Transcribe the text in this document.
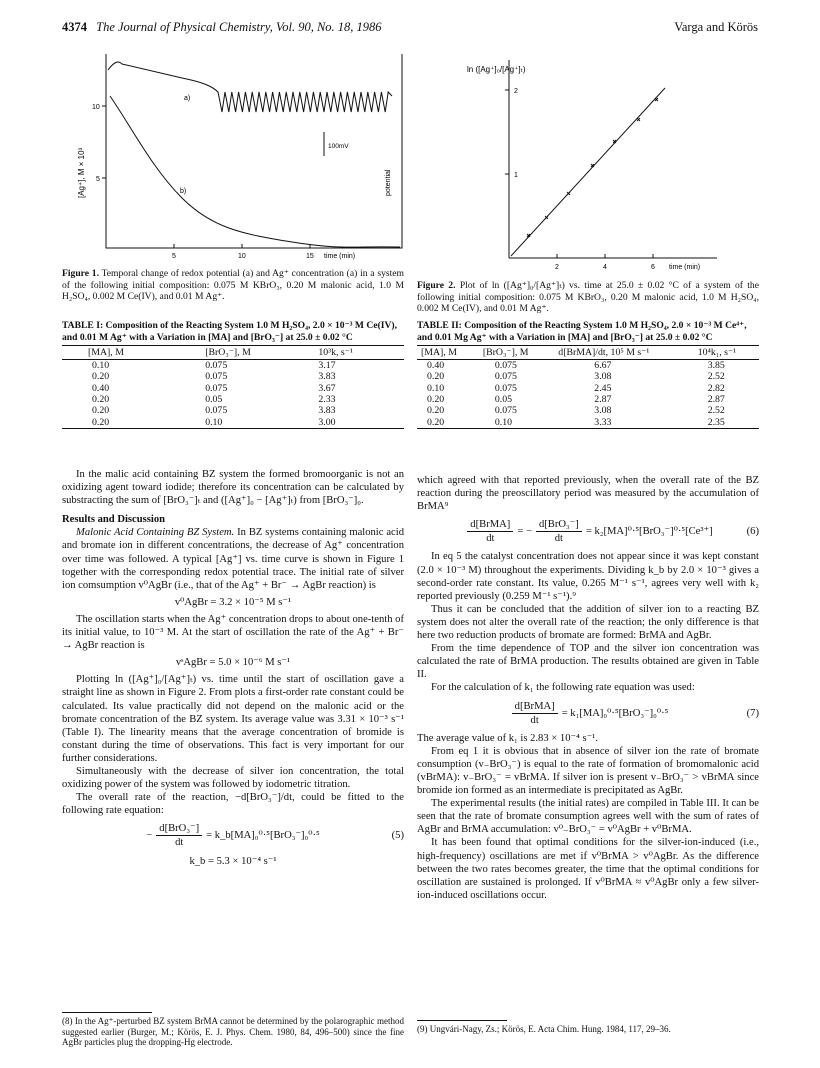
4374 The Journal of Physical Chemistry, Vol. 90, No. 18, 1986	Varga and Körös
10
5
[Ag⁺], M × 10³
5	10	15 time (min)
a)
b)
100mV
potential
Figure 1. Temporal change of redox potential (a) and Ag⁺ concentration (a) in a system of the following initial composition: 0.075 M KBrO₃, 0.20 M malonic acid, 1.0 M H₂SO₄, 0.002 M Ce(IV), and 0.01 M Ag⁺.
TABLE I: Composition of the Reacting System 1.0 M H₂SO₄, 2.0 × 10⁻³ M Ce(IV), and 0.01 M Ag⁺ with a Variation in [MA] and [BrO₃⁻] at 25.0 ± 0.02 °C
[MA], M	[BrO₃⁻], M	10³k, s⁻¹
0.10	0.075	3.17
0.20	0.075	3.83
0.40	0.075	3.67
0.20	0.05	2.33
0.20	0.075	3.83
0.20	0.10	3.00

In the malic acid containing BZ system the formed bromoorganic is not an oxidizing agent toward iodide; therefore its concentration can be calculated by substracting the sum of [BrO₃⁻]ₜ and ([Ag⁺]₀ − [Ag⁺]ₜ) from [BrO₃⁻]₀.

Results and Discussion

Malonic Acid Containing BZ System. In BZ systems containing malonic acid and bromate ion in different concentrations, the decrease of Ag⁺ concentration over time was followed. A typical [Ag⁺] vs. time curve is shown in Figure 1 together with the corresponding redox potential trace. The initial rate of silver ion comsumption v⁰AgBr (i.e., that of the Ag⁺ + Br⁻ → AgBr reaction) is

v⁰AgBr = 3.2 × 10⁻⁵ M s⁻¹

The oscillation starts when the Ag⁺ concentration drops to about one-tenth of its initial value, to 10⁻³ M. At the start of oscillation the rate of the Ag⁺ + Br⁻ → AgBr reaction is

vˢAgBr = 5.0 × 10⁻⁶ M s⁻¹

Plotting ln ([Ag⁺]₀/[Ag⁺]ₜ) vs. time until the start of oscillation gave a straight line as shown in Figure 2. From plots a first-order rate constant could be calculated. Its value practically did not depend on the malonic acid or the bromate concentration of the BZ system. Its average value was 3.31 × 10⁻³ s⁻¹ (Table I). The linearity means that the average concentration of bromide is constant during the time of observations. This fact is very important for our further considerations.

Simultaneously with the decrease of silver ion concentration, the total oxidizing power of the system was followed by iodometric titration.

The overall rate of the reaction, −d[BrO₃⁻]/dt, could be fitted to the following rate equation:

− $\frac{\text{d[BrO₃⁻]}}{dt}$ = k_b[MA]₀⁰·⁵[BrO₃⁻]₀⁰·⁵	(5)

k_b = 5.3 × 10⁻⁴ s⁻¹

(8) In the Ag⁺-perturbed BZ system BrMA cannot be determined by the polarographic method suggested earlier (Burger, M.; Körös, E. J. Phys. Chem. 1980, 84, 496–500) since the fine AgBr particles plug the dropping-Hg electrode.
ln ([Ag⁺]₀/[Ag⁺]ₜ)
2
1
2	4	6 time (min)
Figure 2. Plot of ln ([Ag⁺]₀/[Ag⁺]ₜ) vs. time at 25.0 ± 0.02 °C of a system of the following initial composition: 0.075 M KBrO₃, 0.20 M malonic acid, 1.0 M H₂SO₄, 0.002 M Ce(IV), and 0.01 M Ag⁺.
TABLE II: Composition of the Reacting System 1.0 M H₂SO₄, 2.0 × 10⁻³ M Ce⁴⁺, and 0.01 Mg Ag⁺ with a Variation in [MA] and [BrO₃⁻] at 25.0 ± 0.02 °C
[MA], M	[BrO₃⁻], M	d[BrMA]/dt, 10⁵ M s⁻¹	10⁴k₁, s⁻¹
0.40	0.075	6.67	3.85
0.20	0.075	3.08	2.52
0.10	0.075	2.45	2.82
0.20	0.05	2.87	2.87
0.20	0.075	3.08	2.52
0.20	0.10	3.33	2.35

which agreed with that reported previously, when the overall rate of the BZ reaction during the preoscillatory period was measured by the accumulation of BrMA⁹

$\frac{\text{d[BrMA]}}{dt}$ = − $\frac{\text{d[BrO₃⁻]}}{dt} = k_2[MA]^0\cdot^5[BrO_3^-]^0\cdot^5[Ce^{3+}]$	(6)

In eq 5 the catalyst concentration does not appear since it was kept constant (2.0 × 10⁻³ M) throughout the experiments. Dividing k_b by 2.0 × 10⁻³ gives a second-order rate constant. Its value, 0.265 M⁻¹ s⁻¹, agrees very well with k₂ reported previously (0.259 M⁻¹ s⁻¹).⁹

Thus it can be concluded that the addition of silver ion to a reacting BZ system does not alter the overall rate of the reaction; the only difference is that here two reduction products of bromate are formed: BrMA and AgBr.

From the time dependence of TOP and the silver ion concentration was calculated the rate of BrMA production. The results obtained are given in Table II.

For the calculation of k₁ the following rate equation was used:

$\frac{\text{d[BrMA]}}{dt} = k_1[MA]_0^0\cdot^5[BrO_3^-]_0^0\cdot^5$	(7)

The average value of k₁ is 2.83 × 10⁻⁴ s⁻¹.

From eq 1 it is obvious that in absence of silver ion the rate of bromate consumption (v₋BrO₃⁻) is equal to the rate of formation of bromomalonic acid (vBrMA): v₋BrO₃⁻ = vBrMA. If silver ion is present v₋BrO₃⁻ > vBrMA since bromide ion formed as an intermediate is precipitated as AgBr.

The experimental results (the initial rates) are compiled in Table III. It can be seen that the rate of bromate consumption agrees well with the sum of rates of AgBr and BrMA accumulation: v⁰₋BrO₃⁻ = v⁰AgBr + v⁰BrMA.

It has been found that optimal conditions for the silver-ion-induced (i.e., high-frequency) oscillations are met if v⁰BrMA > v⁰AgBr. As the difference between the two rates becomes greater, the time that the optimal conditions for oscillation are sustained is prolonged. If v⁰BrMA ≈ v⁰AgBr only a few silver-ion-induced oscillations occur.

(9) Ungvári-Nagy, Zs.; Körös, E. Acta Chim. Hung. 1984, 117, 29–36.
